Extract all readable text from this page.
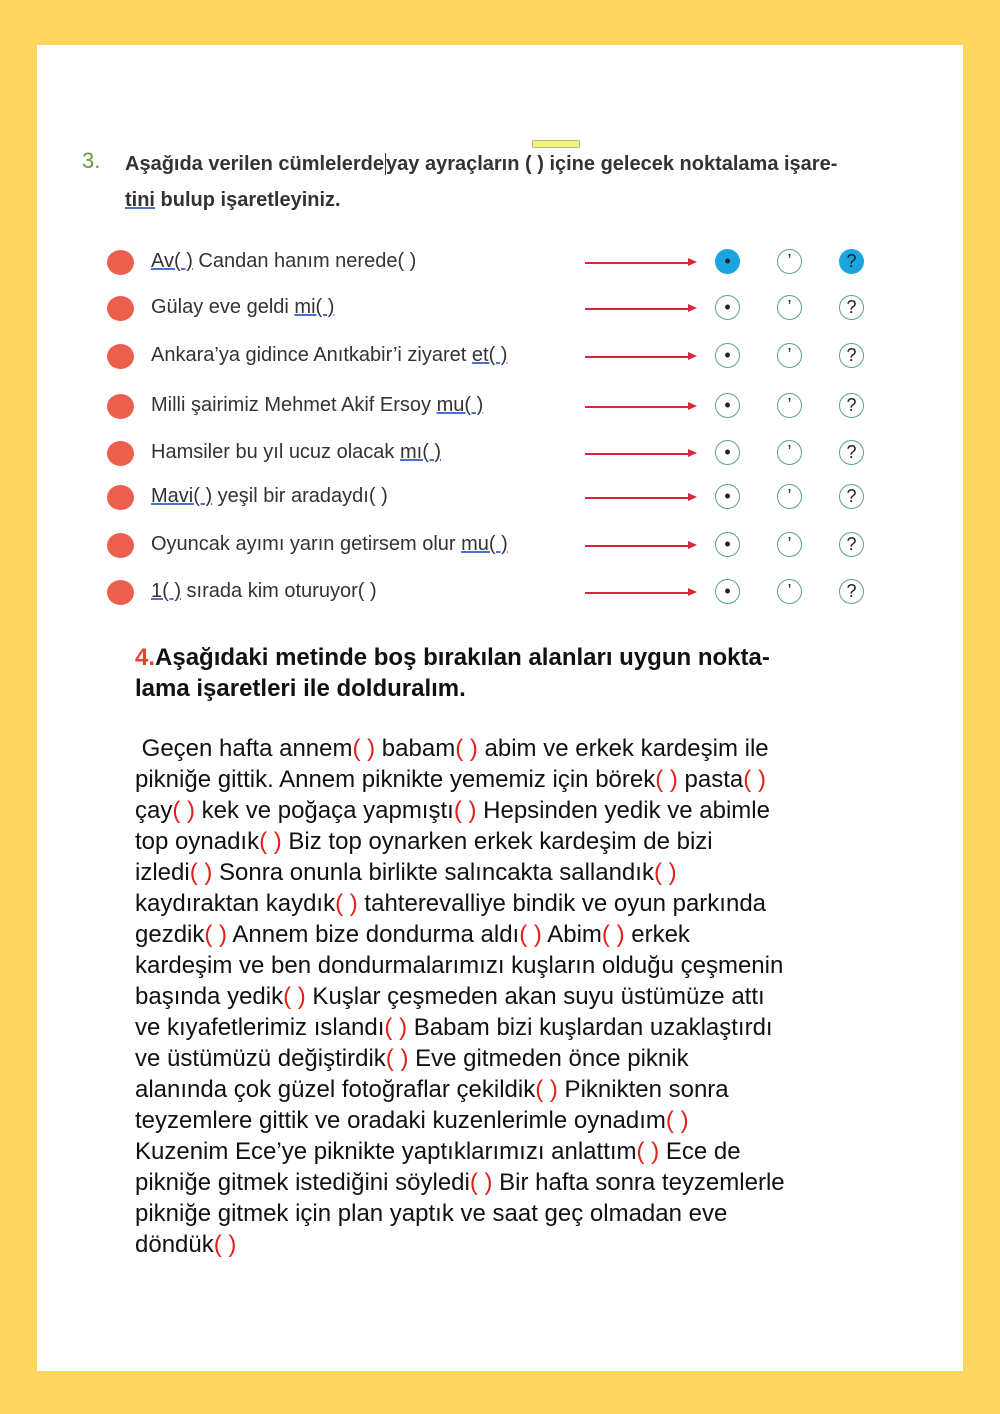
3. Aşağıda verilen cümlelerde yay ayraçların ( ) içine gelecek noktalama işare-
tini bulup işaretleyiniz.
Av( ) Candan hanım nerede( )	•	’	?
Gülay eve geldi mi( )	•	’	?
Ankara’ya gidince Anıtkabir’i ziyaret et( )	•	’	?
Milli şairimiz Mehmet Akif Ersoy mu( )	•	’	?
Hamsiler bu yıl ucuz olacak mı( )	•	’	?
Mavi( ) yeşil bir aradaydı( )	•	’	?
Oyuncak ayımı yarın getirsem olur mu( )	•	’	?
1( ) sırada kim oturuyor( )	•	’	?
4.Aşağıdaki metinde boş bırakılan alanları uygun nokta-
lama işaretleri ile dolduralım.
Geçen hafta annem( ) babam( ) abim ve erkek kardeşim ile
pikniğe gittik. Annem piknikte yememiz için börek( ) pasta( )
çay( ) kek ve poğaça yapmıştı( ) Hepsinden yedik ve abimle
top oynadık( ) Biz top oynarken erkek kardeşim de bizi
izledi( ) Sonra onunla birlikte salıncakta sallandık( )
kaydıraktan kaydık( ) tahterevalliye bindik ve oyun parkında
gezdik( ) Annem bize dondurma aldı( ) Abim( ) erkek
kardeşim ve ben dondurmalarımızı kuşların olduğu çeşmenin
başında yedik( ) Kuşlar çeşmeden akan suyu üstümüze attı
ve kıyafetlerimiz ıslandı( ) Babam bizi kuşlardan uzaklaştırdı
ve üstümüzü değiştirdik( ) Eve gitmeden önce piknik
alanında çok güzel fotoğraflar çekildik( ) Piknikten sonra
teyzemlere gittik ve oradaki kuzenlerimle oynadım( )
Kuzenim Ece’ye piknikte yaptıklarımızı anlattım( ) Ece de
pikniğe gitmek istediğini söyledi( ) Bir hafta sonra teyzemlerle
pikniğe gitmek için plan yaptık ve saat geç olmadan eve
döndük( )
